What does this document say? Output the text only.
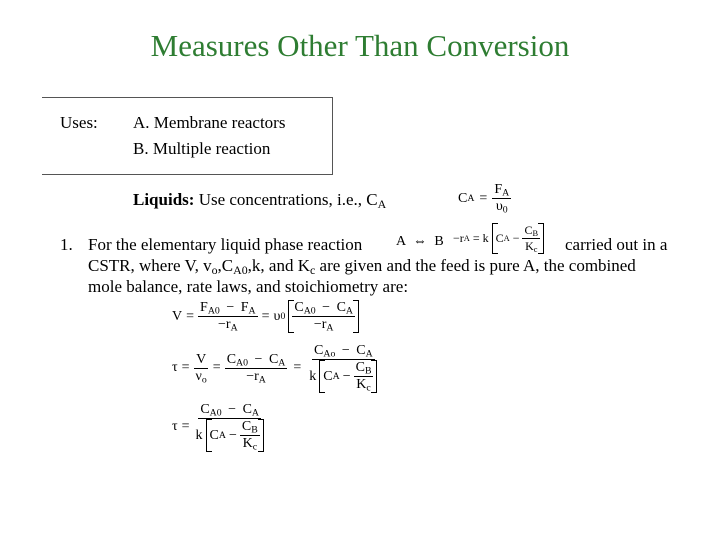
Measures Other Than Conversion
Uses: A. Membrane reactors
B. Multiple reaction
Liquids: Use concentrations, i.e., $C_A$	C $A = \frac{F_A}{\upsilon_0}$
1. For the elementary liquid phase reaction A ⇔ B − r A = k C $A - \frac{C_B}{K_c}$ carried out in a
CSTR, where V, $v_o,C_{A0},k$, and $K_c$ are given and the feed is pure A, the combined
mole balance, rate laws, and stoichiometry are:
$V = \frac{F_{A0} - F_A}{-r_A} = \upsilon$ $0 \frac{C_{A0} - C_A}{-r_A}$
$\tau = \frac{V}{\nu_o} = \frac{C_{A0} - C_A}{-r_A}$ =
$C_{Ao} - C_A$
k C $A - \frac{C_B}{K_c}$
τ =
$C_{A0} - C_A$
k C $A - \frac{C_B}{K_c}$
